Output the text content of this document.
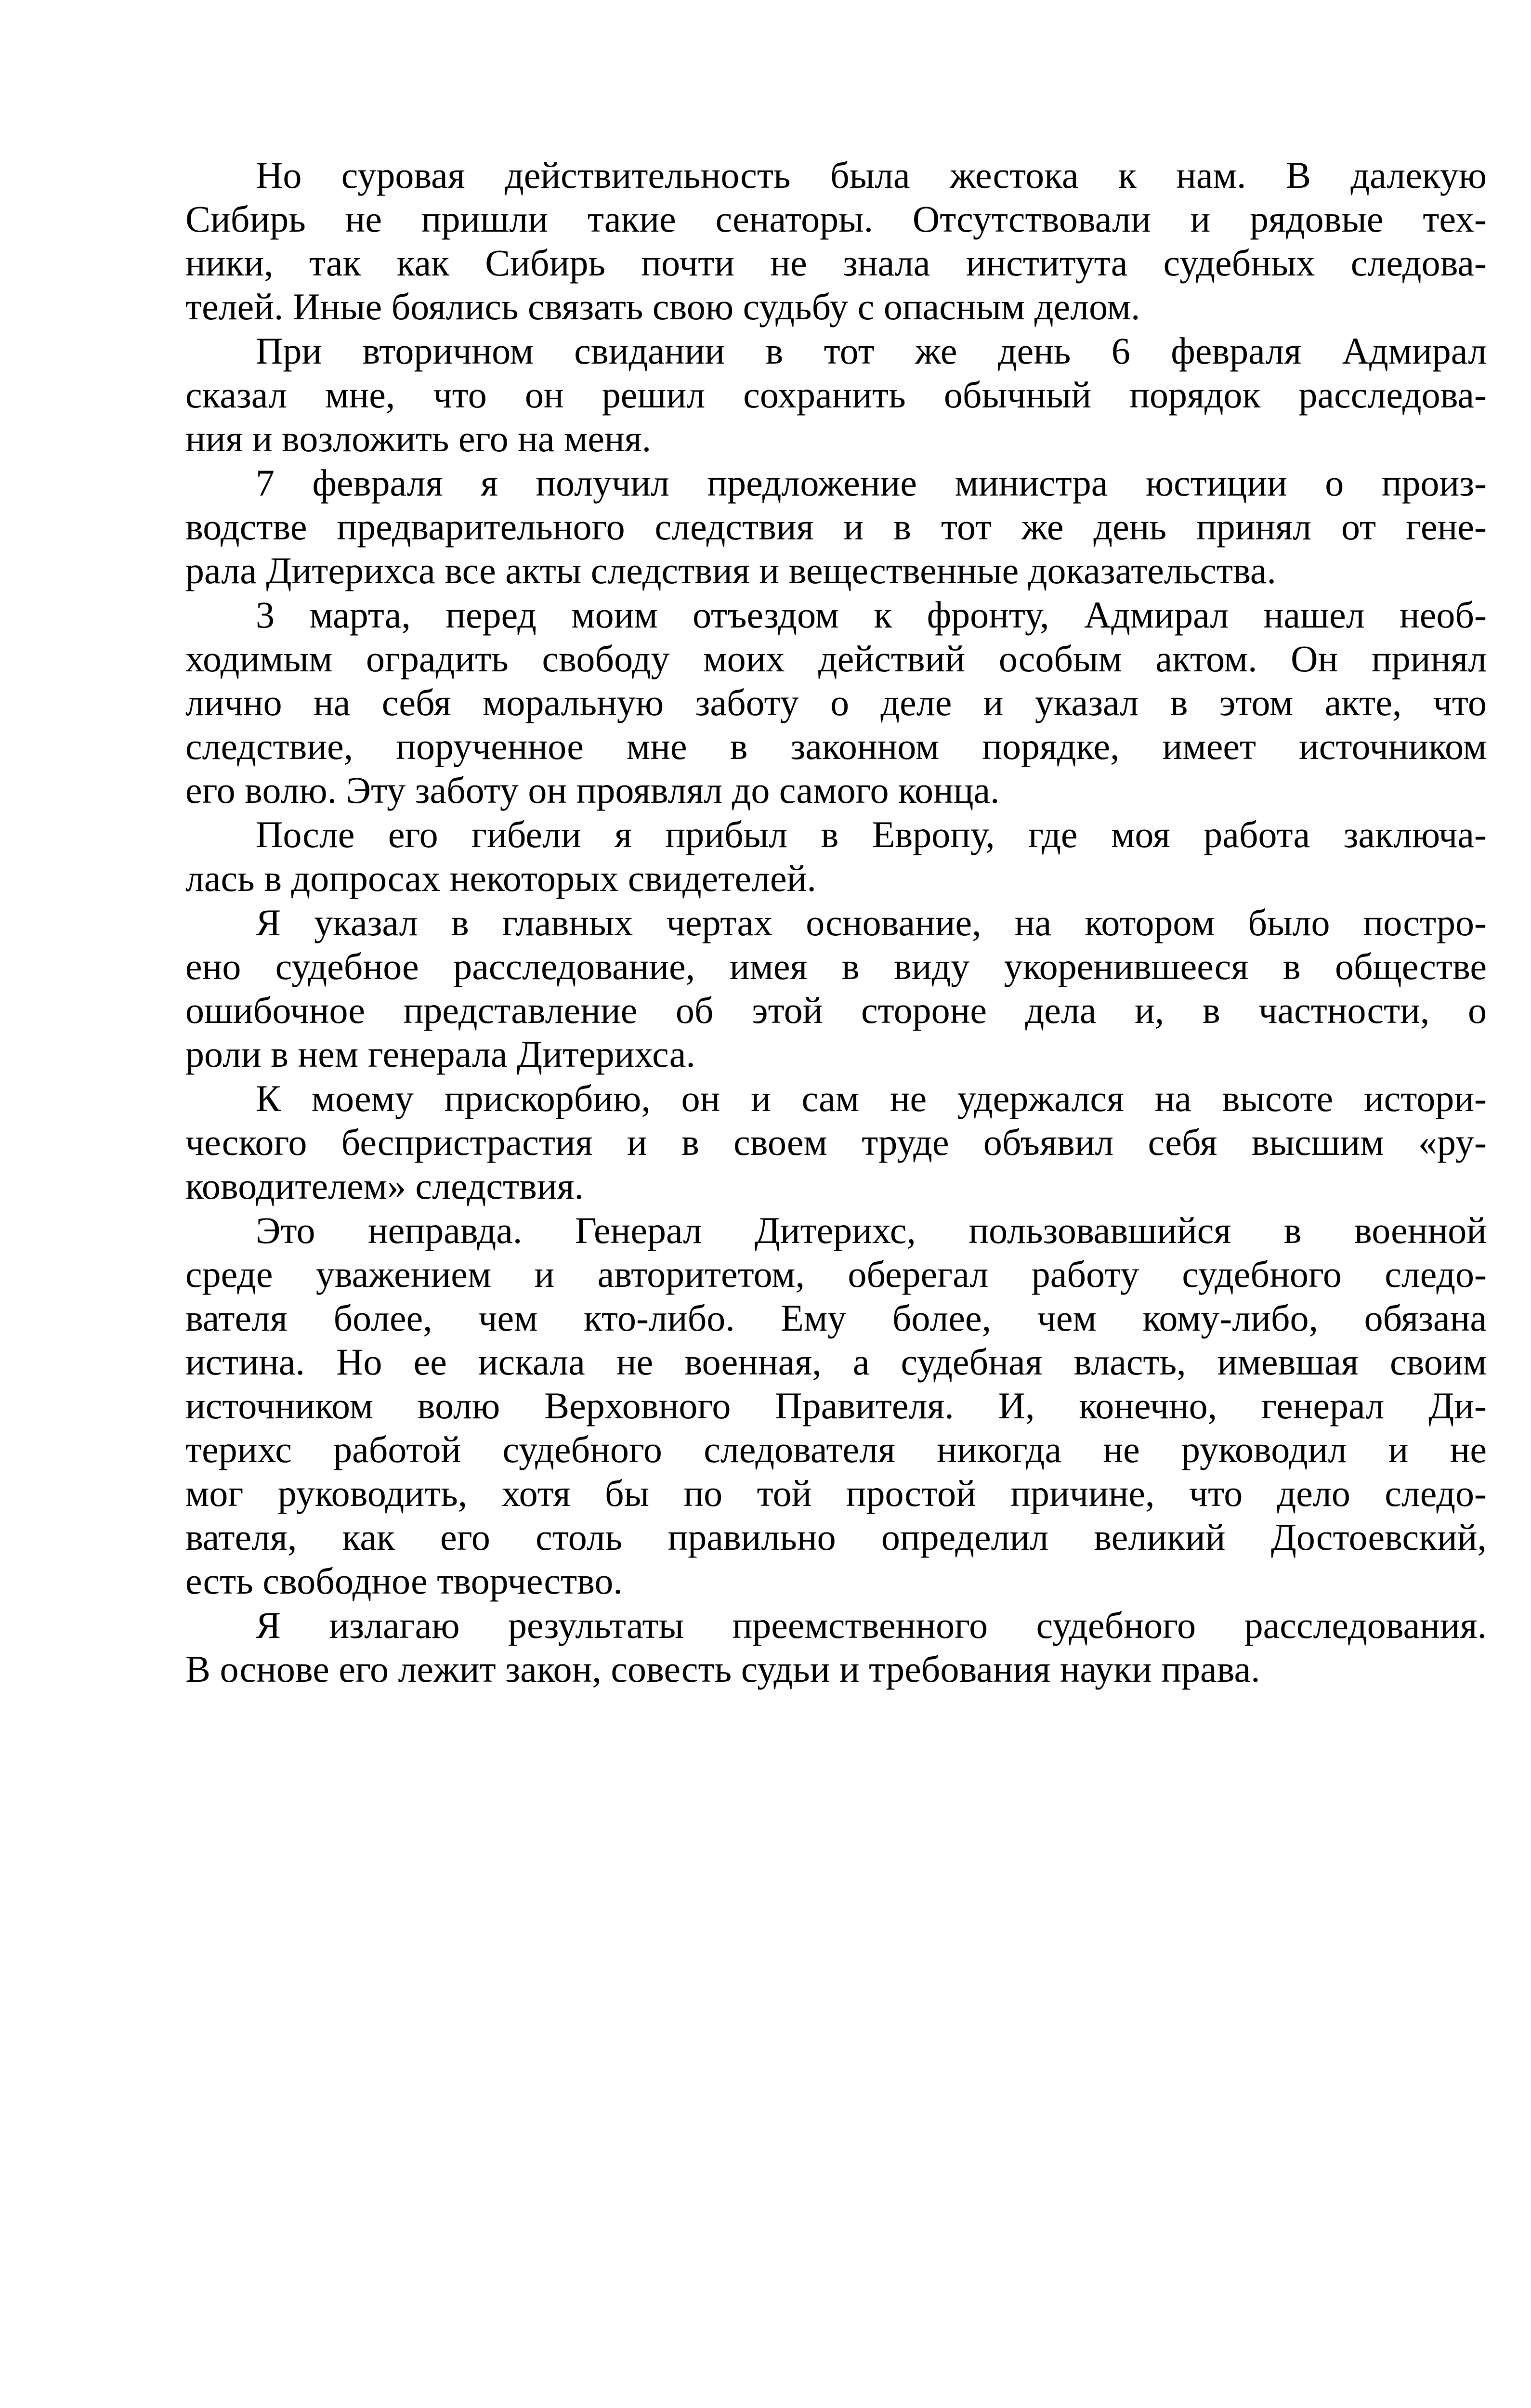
Но суровая действительность была жестока к нам. В далекую
Сибирь не пришли такие сенаторы. Отсутствовали и рядовые тех-
ники, так как Сибирь почти не знала института судебных следова-
телей. Иные боялись связать свою судьбу с опасным делом.
При вторичном свидании в тот же день 6 февраля Адмирал
сказал мне, что он решил сохранить обычный порядок расследова-
ния и возложить его на меня.
7 февраля я получил предложение министра юстиции о произ-
водстве предварительного следствия и в тот же день принял от гене-
рала Дитерихса все акты следствия и вещественные доказательства.
3 марта, перед моим отъездом к фронту, Адмирал нашел необ-
ходимым оградить свободу моих действий особым актом. Он принял
лично на себя моральную заботу о деле и указал в этом акте, что
следствие, порученное мне в законном порядке, имеет источником
его волю. Эту заботу он проявлял до самого конца.
После его гибели я прибыл в Европу, где моя работа заключа-
лась в допросах некоторых свидетелей.
Я указал в главных чертах основание, на котором было постро-
ено судебное расследование, имея в виду укоренившееся в обществе
ошибочное представление об этой стороне дела и, в частности, о
роли в нем генерала Дитерихса.
К моему прискорбию, он и сам не удержался на высоте истори-
ческого беспристрастия и в своем труде объявил себя высшим «ру-
ководителем» следствия.
Это неправда. Генерал Дитерихс, пользовавшийся в военной
среде уважением и авторитетом, оберегал работу судебного следо-
вателя более, чем кто-либо. Ему более, чем кому-либо, обязана
истина. Но ее искала не военная, а судебная власть, имевшая своим
источником волю Верховного Правителя. И, конечно, генерал Ди-
терихс работой судебного следователя никогда не руководил и не
мог руководить, хотя бы по той простой причине, что дело следо-
вателя, как его столь правильно определил великий Достоевский,
есть свободное творчество.
Я излагаю результаты преемственного судебного расследования.
В основе его лежит закон, совесть судьи и требования науки права.
